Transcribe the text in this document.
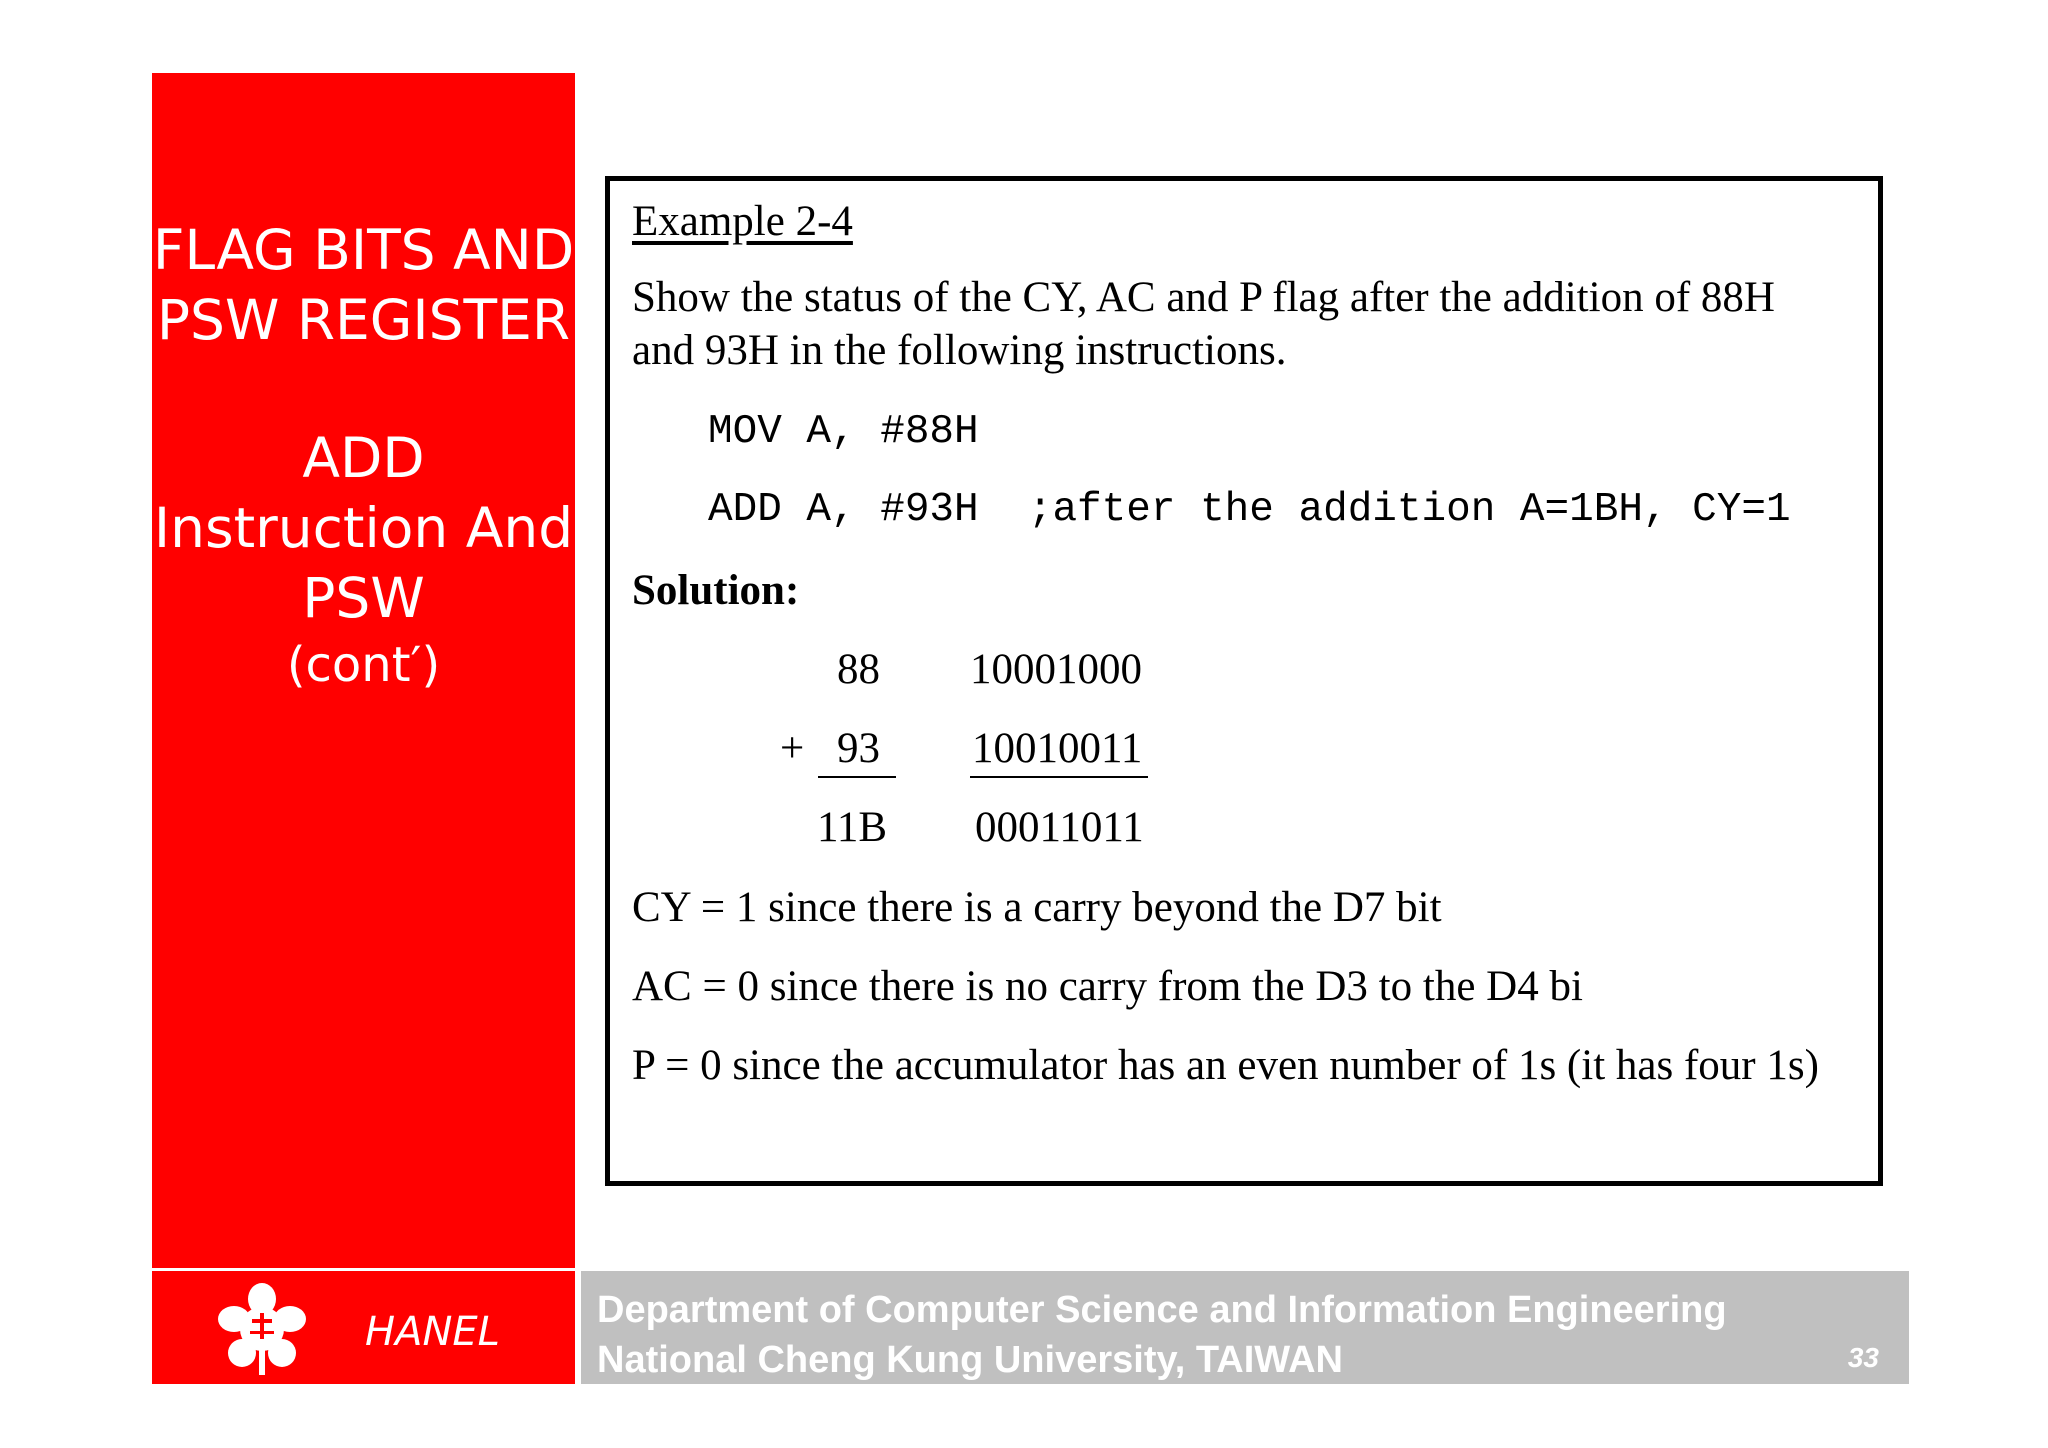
FLAG BITS AND
PSW REGISTER
ADD
Instruction And
PSW
(cont′)
Example 2-4
Show the status of the CY, AC and P flag after the addition of 88H
and 93H in the following instructions.
MOV A, #88H
ADD A, #93H  ;after the addition A=1BH, CY=1
Solution:
88 10001000
+ 93 10010011
11B 00011011
CY = 1 since there is a carry beyond the D7 bit
AC = 0 since there is no carry from the D3 to the D4 bi
P = 0 since the accumulator has an even number of 1s (it has four 1s)
HANEL	Department of Computer Science and Information Engineering
National Cheng Kung University, TAIWAN	33
